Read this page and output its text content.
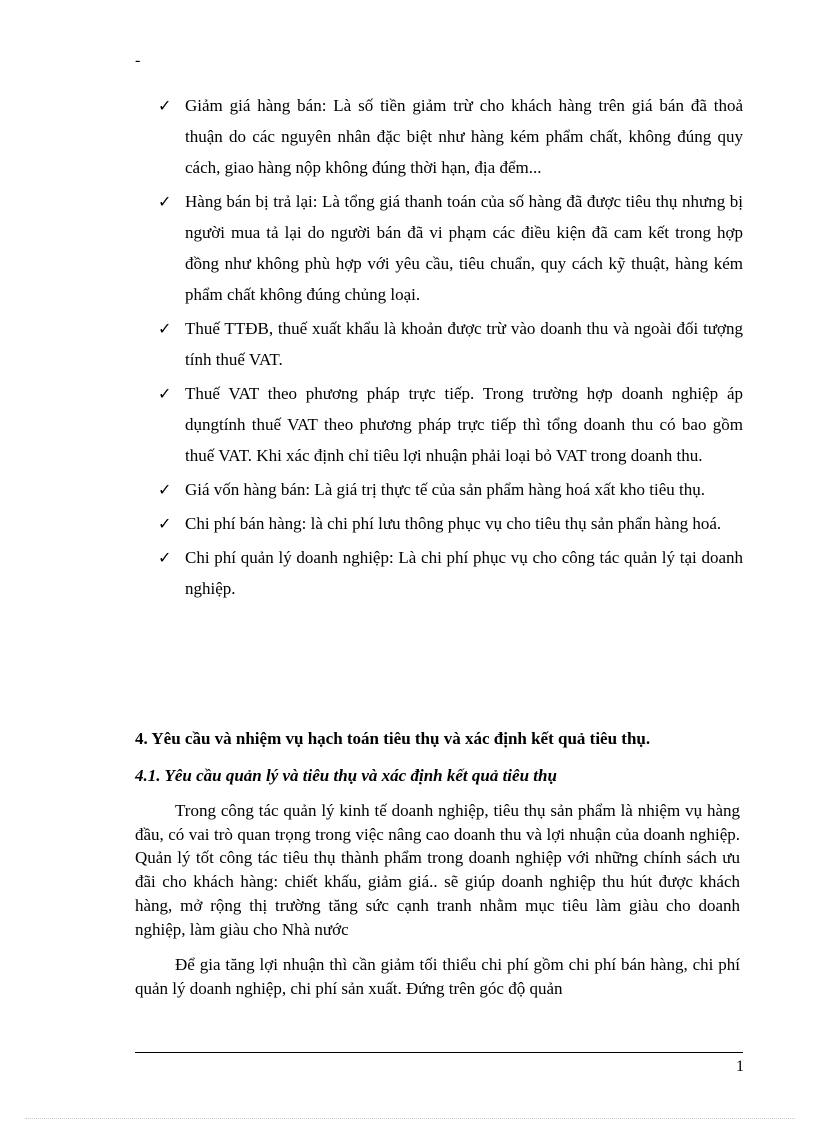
-
✓ Giảm giá hàng bán: Là số tiền giảm trừ cho khách hàng trên giá bán đã thoả thuận do các nguyên nhân đặc biệt như hàng kém phẩm chất, không đúng quy cách, giao hàng nộp không đúng thời hạn, địa đểm...
✓ Hàng bán bị trả lại: Là tổng giá thanh toán của số hàng đã được tiêu thụ nhưng bị người mua tả lại do người bán đã vi phạm các điều kiện đã cam kết trong hợp đồng như không phù hợp với yêu cầu, tiêu chuẩn, quy cách kỹ thuật, hàng kém phẩm chất không đúng chủng loại.
✓ Thuế TTĐB, thuế xuất khẩu là khoản được trừ vào doanh thu và ngoài đối tượng tính thuế VAT.
✓ Thuế VAT theo phương pháp trực tiếp. Trong trường hợp doanh nghiệp áp dụngtính thuế VAT theo phương pháp trực tiếp thì tổng doanh thu có bao gồm thuế VAT. Khi xác định chỉ tiêu lợi nhuận phải loại bỏ VAT trong doanh thu.
✓ Giá vốn hàng bán: Là giá trị thực tế của sản phẩm hàng hoá xất kho tiêu thụ.
✓ Chi phí bán hàng: là chi phí lưu thông phục vụ cho tiêu thụ sản phẩn hàng hoá.
✓ Chi phí quản lý doanh nghiệp: Là chi phí phục vụ cho công tác quản lý tại doanh nghiệp.
4. Yêu cầu và nhiệm vụ hạch toán tiêu thụ và xác định kết quả tiêu thụ.
4.1. Yêu cầu quản lý và tiêu thụ và xác định kết quả tiêu thụ

Trong công tác quản lý kinh tế doanh nghiệp, tiêu thụ sản phẩm là nhiệm vụ hàng đầu, có vai trò quan trọng trong việc nâng cao doanh thu và lợi nhuận của doanh nghiệp. Quản lý tốt công tác tiêu thụ thành phẩm trong doanh nghiệp với những chính sách ưu đãi cho khách hàng: chiết khấu, giảm giá.. sẽ giúp doanh nghiệp thu hút được khách hàng, mở rộng thị trường tăng sức cạnh tranh nhằm mục tiêu làm giàu cho doanh nghiệp, làm giàu cho Nhà nước

Để gia tăng lợi nhuận thì cần giảm tối thiểu chi phí gồm chi phí bán hàng, chi phí quản lý doanh nghiệp, chi phí sản xuất. Đứng trên góc độ quản

1
